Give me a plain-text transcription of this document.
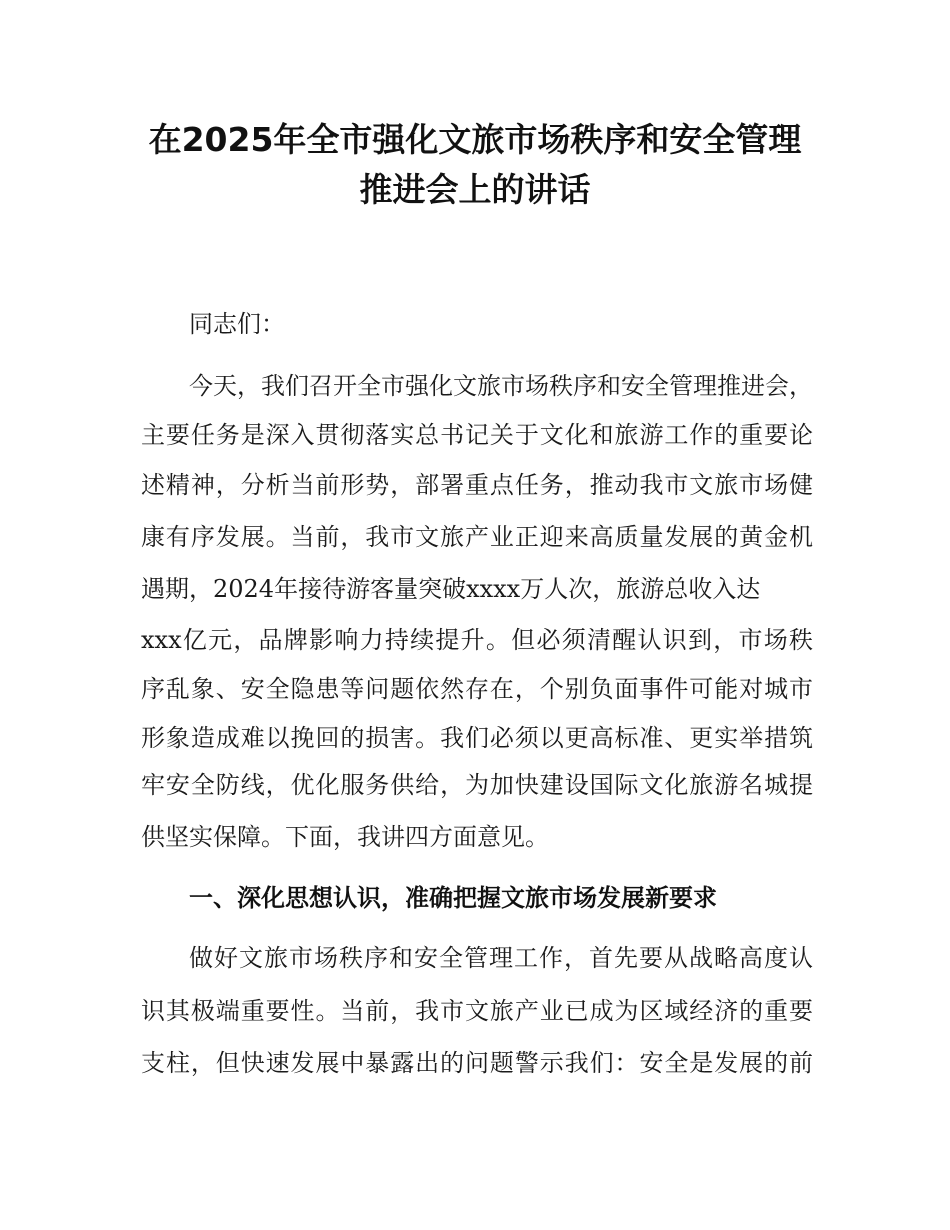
在2025年全市强化文旅市场秩序和安全管理
推进会上的讲话
同志们：
今天，我们召开全市强化文旅市场秩序和安全管理推进会，
主要任务是深入贯彻落实总书记关于文化和旅游工作的重要论
述精神，分析当前形势，部署重点任务，推动我市文旅市场健
康有序发展。当前，我市文旅产业正迎来高质量发展的黄金机
遇期，2024年接待游客量突破xxxx万人次，旅游总收入达
xxx亿元，品牌影响力持续提升。但必须清醒认识到，市场秩
序乱象、安全隐患等问题依然存在，个别负面事件可能对城市
形象造成难以挽回的损害。我们必须以更高标准、更实举措筑
牢安全防线，优化服务供给，为加快建设国际文化旅游名城提
供坚实保障。下面，我讲四方面意见。
一、深化思想认识，准确把握文旅市场发展新要求
做好文旅市场秩序和安全管理工作，首先要从战略高度认
识其极端重要性。当前，我市文旅产业已成为区域经济的重要
支柱，但快速发展中暴露出的问题警示我们：安全是发展的前
